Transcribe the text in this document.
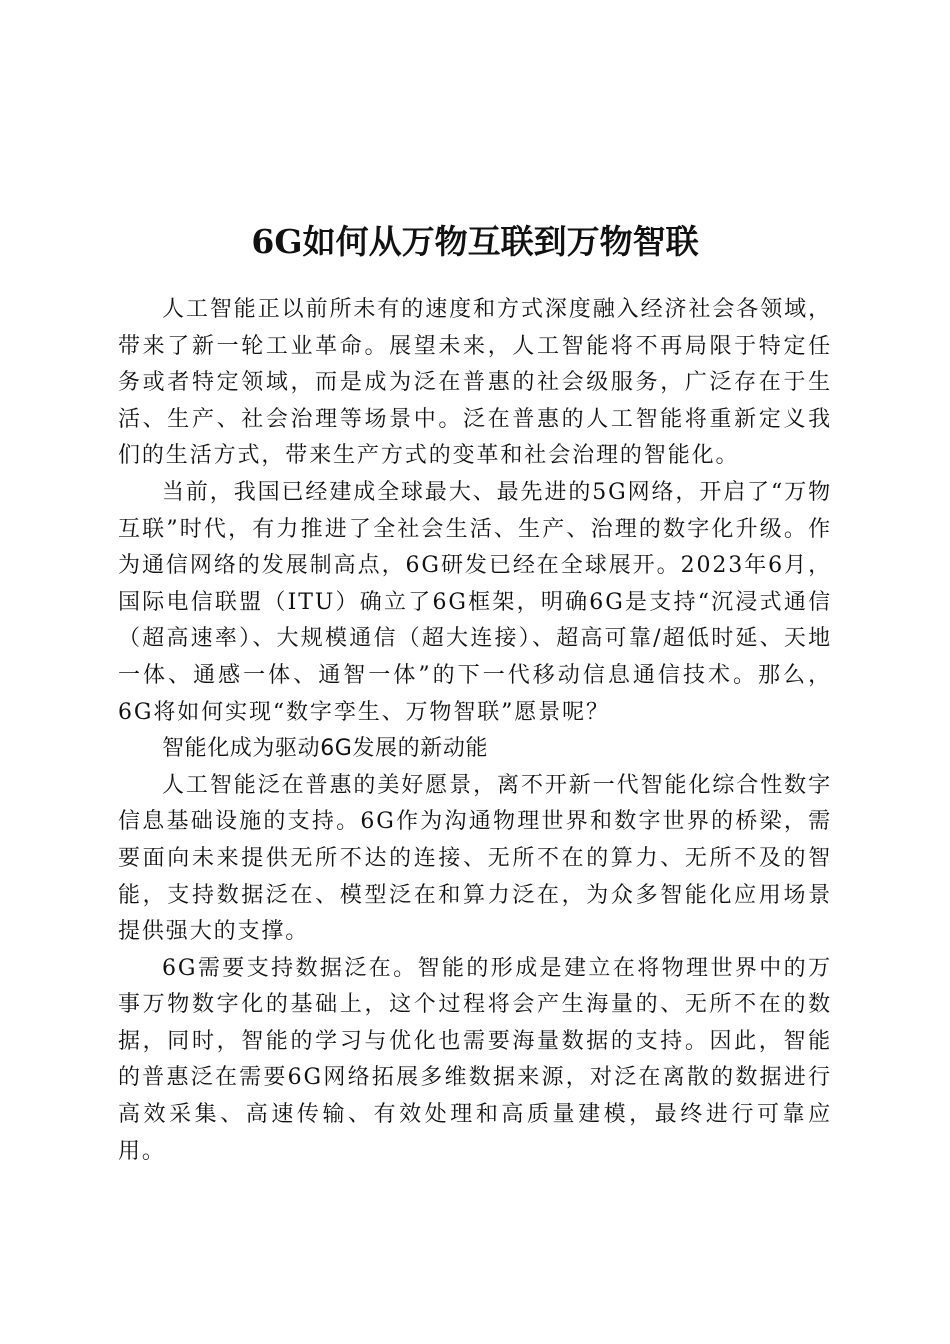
6G如何从万物互联到万物智联

人工智能正以前所未有的速度和方式深度融入经济社会各领域，带来了新一轮工业革命。展望未来，人工智能将不再局限于特定任务或者特定领域，而是成为泛在普惠的社会级服务，广泛存在于生活、生产、社会治理等场景中。泛在普惠的人工智能将重新定义我们的生活方式，带来生产方式的变革和社会治理的智能化。

当前，我国已经建成全球最大、最先进的5G网络，开启了“万物互联”时代，有力推进了全社会生活、生产、治理的数字化升级。作为通信网络的发展制高点，6G研发已经在全球展开。2023年6月，国际电信联盟（ITU）确立了6G框架，明确6G是支持“沉浸式通信（超高速率）、大规模通信（超大连接）、超高可靠/超低时延、天地一体、通感一体、通智一体”的下一代移动信息通信技术。那么，6G将如何实现“数字孪生、万物智联”愿景呢？

智能化成为驱动6G发展的新动能

人工智能泛在普惠的美好愿景，离不开新一代智能化综合性数字信息基础设施的支持。6G作为沟通物理世界和数字世界的桥梁，需要面向未来提供无所不达的连接、无所不在的算力、无所不及的智能，支持数据泛在、模型泛在和算力泛在，为众多智能化应用场景提供强大的支撑。

6G需要支持数据泛在。智能的形成是建立在将物理世界中的万事万物数字化的基础上，这个过程将会产生海量的、无所不在的数据，同时，智能的学习与优化也需要海量数据的支持。因此，智能的普惠泛在需要6G网络拓展多维数据来源，对泛在离散的数据进行高效采集、高速传输、有效处理和高质量建模，最终进行可靠应用。
